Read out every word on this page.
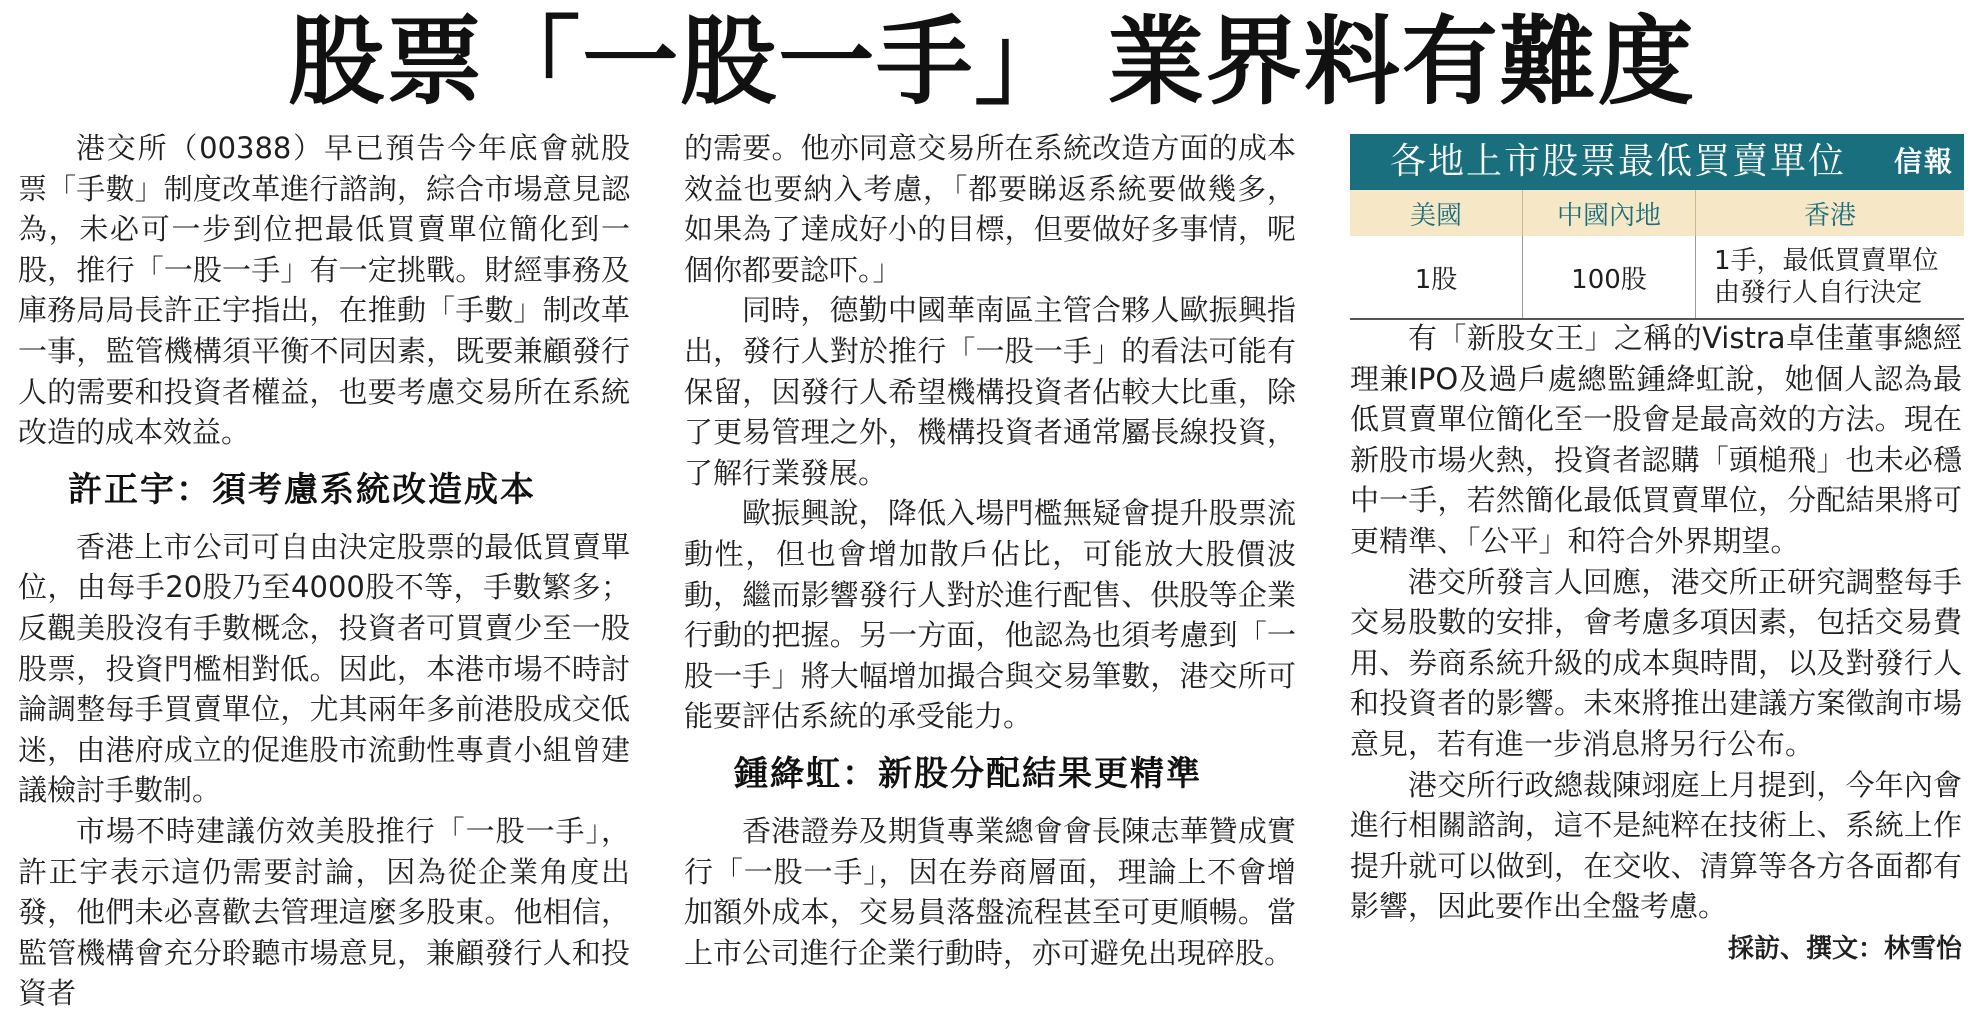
股票「一股一手」 業界料有難度

港交所（00388）早已預告今年底會就股票「手數」制度改革進行諮詢，綜合市場意見認為，未必可一步到位把最低買賣單位簡化到一股，推行「一股一手」有一定挑戰。財經事務及庫務局局長許正宇指出，在推動「手數」制改革一事，監管機構須平衡不同因素，既要兼顧發行人的需要和投資者權益，也要考慮交易所在系統改造的成本效益。

許正宇：須考慮系統改造成本

香港上市公司可自由決定股票的最低買賣單位，由每手20股乃至4000股不等，手數繁多；反觀美股沒有手數概念，投資者可買賣少至一股股票，投資門檻相對低。因此，本港市場不時討論調整每手買賣單位，尤其兩年多前港股成交低迷，由港府成立的促進股市流動性專責小組曾建議檢討手數制。

市場不時建議仿效美股推行「一股一手」，許正宇表示這仍需要討論，因為從企業角度出發，他們未必喜歡去管理這麼多股東。他相信，監管機構會充分聆聽市場意見，兼顧發行人和投資者

的需要。他亦同意交易所在系統改造方面的成本效益也要納入考慮，「都要睇返系統要做幾多，如果為了達成好小的目標，但要做好多事情，呢個你都要諗吓。」

同時，德勤中國華南區主管合夥人歐振興指出，發行人對於推行「一股一手」的看法可能有保留，因發行人希望機構投資者佔較大比重，除了更易管理之外，機構投資者通常屬長線投資，了解行業發展。

歐振興說，降低入場門檻無疑會提升股票流動性，但也會增加散戶佔比，可能放大股價波動，繼而影響發行人對於進行配售、供股等企業行動的把握。另一方面，他認為也須考慮到「一股一手」將大幅增加撮合與交易筆數，港交所可能要評估系統的承受能力。

鍾絳虹：新股分配結果更精準

香港證券及期貨專業總會會長陳志華贊成實行「一股一手」，因在券商層面，理論上不會增加額外成本，交易員落盤流程甚至可更順暢。當上市公司進行企業行動時，亦可避免出現碎股。

各地上市股票最低買賣單位 信報
美國	中國內地	香港
1股	100股	1手，最低買賣單位
由發行人自行決定

有「新股女王」之稱的Vistra卓佳董事總經理兼IPO及過戶處總監鍾絳虹說，她個人認為最低買賣單位簡化至一股會是最高效的方法。現在新股市場火熱，投資者認購「頭槌飛」也未必穩中一手，若然簡化最低買賣單位，分配結果將可更精準、「公平」和符合外界期望。

港交所發言人回應，港交所正研究調整每手交易股數的安排，會考慮多項因素，包括交易費用、券商系統升級的成本與時間，以及對發行人和投資者的影響。未來將推出建議方案徵詢市場意見，若有進一步消息將另行公布。

港交所行政總裁陳翊庭上月提到，今年內會進行相關諮詢，這不是純粹在技術上、系統上作提升就可以做到，在交收、清算等各方各面都有影響，因此要作出全盤考慮。

採訪、撰文：林雪怡
